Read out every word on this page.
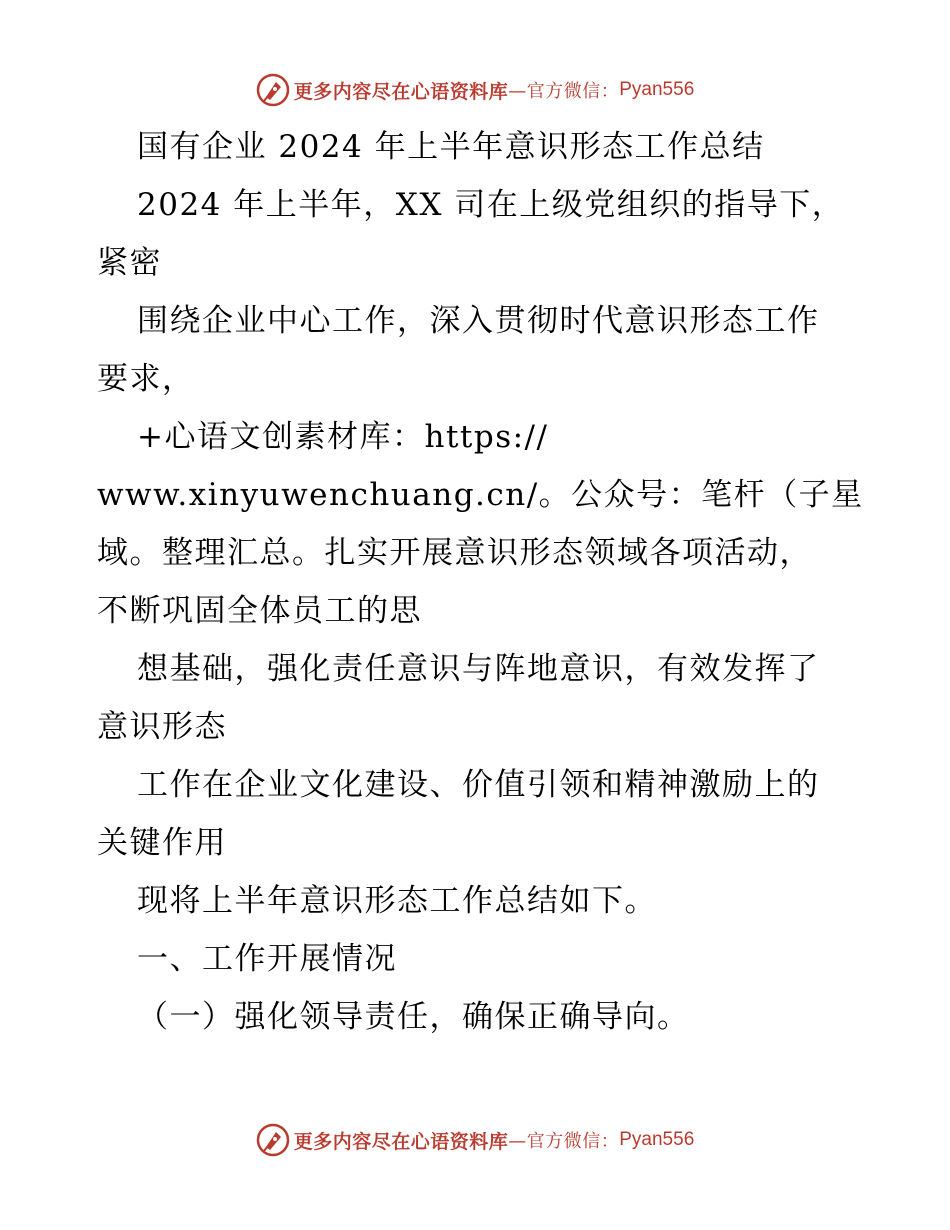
更多内容尽在心语资料库 —官方微信： Pyan556
国有企业 2024 年上半年意识形态工作总结
2024 年上半年，XX 司在上级党组织的指导下，
紧密
围绕企业中心工作，深入贯彻时代意识形态工作
要求，
+心语文创素材库：https://
www.xinyuwenchuang.cn/。公众号：笔杆（子星
域。整理汇总。扎实开展意识形态领域各项活动，
不断巩固全体员工的思
想基础，强化责任意识与阵地意识，有效发挥了
意识形态
工作在企业文化建设、价值引领和精神激励上的
关键作用
现将上半年意识形态工作总结如下。
一、工作开展情况
（一）强化领导责任，确保正确导向。
更多内容尽在心语资料库 —官方微信： Pyan556
